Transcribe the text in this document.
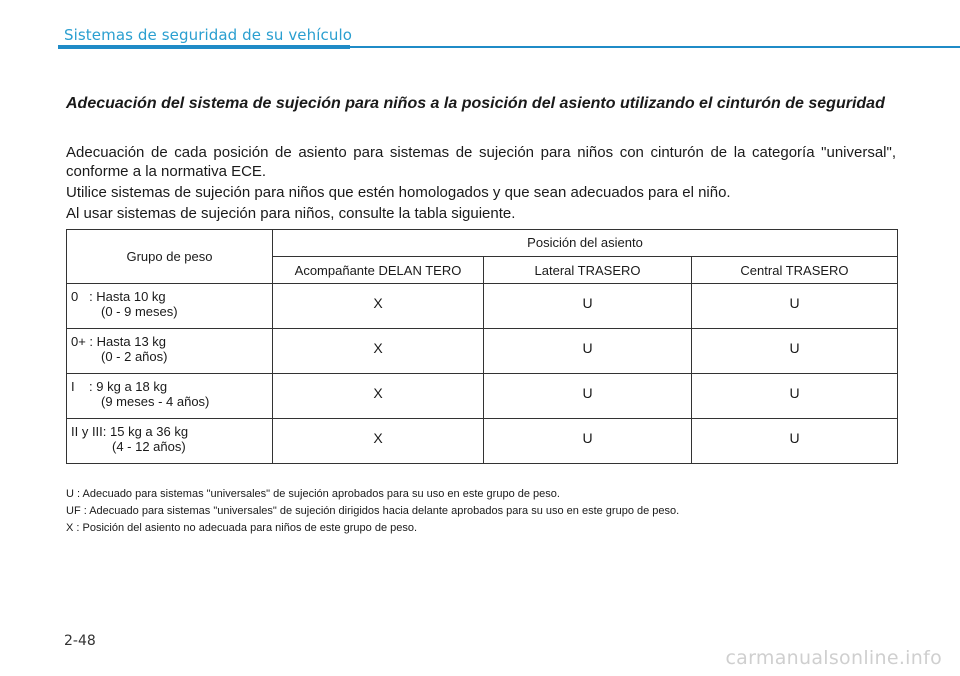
Sistemas de seguridad de su vehículo
Adecuación del sistema de sujeción para niños a la posición del asiento utilizando el cinturón de seguridad
Adecuación de cada posición de asiento para sistemas de sujeción para niños con cinturón de la categoría "universal", conforme a la normativa ECE.
Utilice sistemas de sujeción para niños que estén homologados y que sean adecuados para el niño.
Al usar sistemas de sujeción para niños, consulte la tabla siguiente.
Grupo de peso	Posición del asiento		
	Acompañante DELAN TERO	Lateral TRASERO	Central TRASERO

0   : Hasta 10 kg
(0 - 9 meses)	X	U	U

0+ : Hasta 13 kg
(0 - 2 años)	X	U	U

I    : 9 kg a 18 kg
(9 meses - 4 años)	X	U	U

II y III: 15 kg a 36 kg
(4 - 12 años)	X	U	U
U : Adecuado para sistemas "universales" de sujeción aprobados para su uso en este grupo de peso.
UF : Adecuado para sistemas "universales" de sujeción dirigidos hacia delante aprobados para su uso en este grupo de peso.
X : Posición del asiento no adecuada para niños de este grupo de peso.
2-48
carmanualsonline.info
